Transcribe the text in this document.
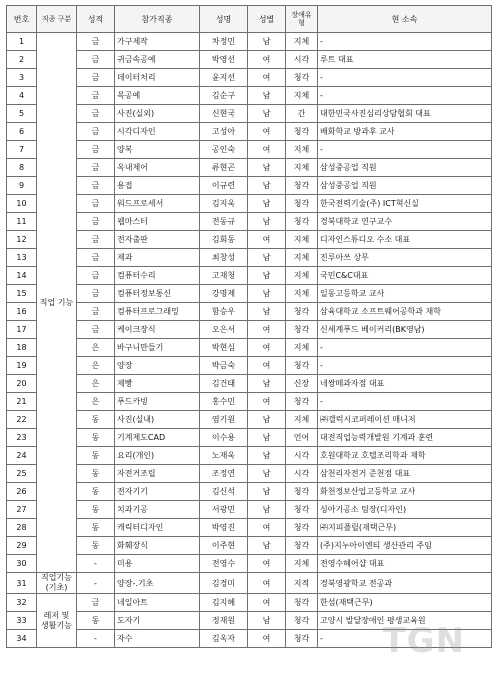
번호	직종 구분	성적	참가직종	성명	성별	장애유형	현 소속
1	직업 기능	금	가구제작	차정민	남	지체	-
2		금	귀금속공예	박영선	여	시각	루트 대표
3		금	데이터처리	윤지선	여	청각	-
4		금	목공예	김순구	남	지체	-
5		금	사진(실외)	신현국	남	간	대한민국사진심리상담협회 대표
6		금	시각디자인	고성아	여	청각	배화학교 방과후 교사
7		금	양복	공인숙	여	지체	-
8		금	옥내제어	류현곤	남	지체	삼성중공업 직원
9		금	용접	이규련	남	청각	삼성중공업 직원
10		금	워드프로세서	김지욱	남	청각	한국전력기술(주) ICT혁신실
11		금	웹마스터	전동규	남	청각	경북대학교 연구교수
12		금	전자출판	김회동	여	지체	디자인스튜디오 수소 대표
13		금	제과	최창성	남	지체	진루아쓰 상무
14		금	컴퓨터수리	고재청	남	지체	국민C&C대표
15		금	컴퓨터정보통신	강명제	남	지체	일동고등학교 교사
16		금	컴퓨터프로그래밍	함승우	남	청각	삼육대학교 소프트웨어공학과 재학
17		금	케이크장식	오은서	여	청각	신세계푸드 베이커리(BK영남)
18		은	바구니만들기	박현심	여	지체	-
19		은	양장	박금숙	여	청각	-
20		은	제빵	김건태	남	신장	네쌍떼과자점 대표
21		은	푸드카빙	홍수민	여	청각	-
22		동	사진(실내)	염기원	남	지체	㈜갤럭시코퍼레이션 매니저
23		동	기계제도CAD	이수용	남	언어	대전직업능력개발원 기계과 훈련
24		동	요리(개인)	노재욱	남	시각	호원대학교 호텔조리학과 재학
25		동	자전거조립	조정연	남	시각	삼천리자전거 준천점 대표
26		동	전자기기	김신석	남	청각	화천정보산업고등학교 교사
27		동	치과기공	서광민	남	청각	싱아기공소 팀장(디자인)
28		동	캐릭터디자인	박영진	여	청각	㈜지피플릴(재택근무)
29		동	화훼장식	이주현	남	청각	(주)지누아이엔티 생산관리 주임
30		-	미용	전영수	여	지체	전영수헤어샵 대표
31	직업기능 (기초)	-	양장-.기초	김경미	여	지적	경북영광학교 전공과
32	레저 및 생활기능	금	네일아트	김지혜	여	청각	한섬(재택근무)
33		동	도자기	정재원	남	청각	고양시 발달장애인 평생교육원
34		-	자수	김옥자	여	청각	- TGN
